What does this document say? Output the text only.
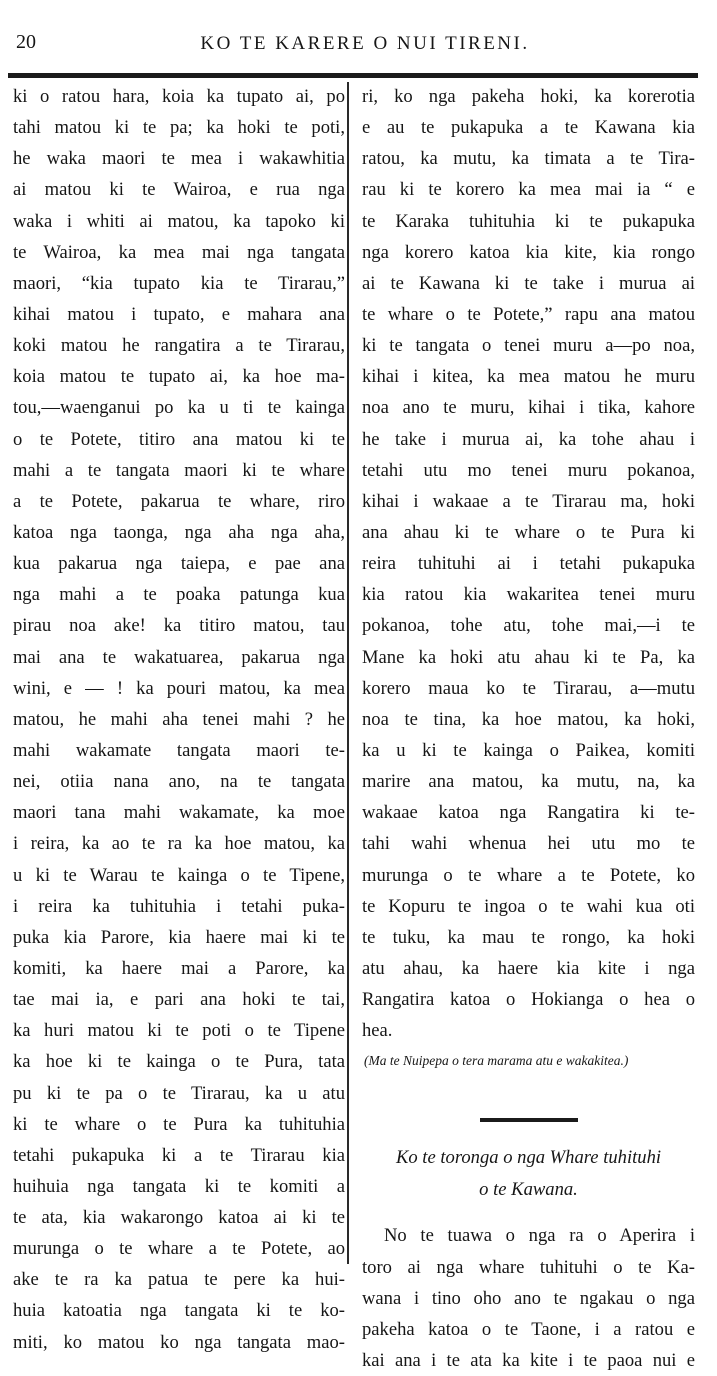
20	KO TE KARERE O NUI TIRENI.
ki o ratou hara, koia ka tupato ai, po
tahi matou ki te pa; ka hoki te poti,
he waka maori te mea i wakawhitia
ai matou ki te Wairoa, e rua nga
waka i whiti ai matou, ka tapoko ki
te Wairoa, ka mea mai nga tangata
maori, “kia tupato kia te Tirarau,”
kihai matou i tupato, e mahara ana
koki matou he rangatira a te Tirarau,
koia matou te tupato ai, ka hoe ma-
tou,—waenganui po ka u ti te kainga
o te Potete, titiro ana matou ki te
mahi a te tangata maori ki te whare
a te Potete, pakarua te whare, riro
katoa nga taonga, nga aha nga aha,
kua pakarua nga taiepa, e pae ana
nga mahi a te poaka patunga kua
pirau noa ake! ka titiro matou, tau
mai ana te wakatuarea, pakarua nga
wini, e — ! ka pouri matou, ka mea
matou, he mahi aha tenei mahi ? he
mahi wakamate tangata maori te-
nei, otiia nana ano, na te tangata
maori tana mahi wakamate, ka moe
i reira, ka ao te ra ka hoe matou, ka
u ki te Warau te kainga o te Tipene,
i reira ka tuhituhia i tetahi puka-
puka kia Parore, kia haere mai ki te
komiti, ka haere mai a Parore, ka
tae mai ia, e pari ana hoki te tai,
ka huri matou ki te poti o te Tipene
ka hoe ki te kainga o te Pura, tata
pu ki te pa o te Tirarau, ka u atu
ki te whare o te Pura ka tuhituhia
tetahi pukapuka ki a te Tirarau kia
huihuia nga tangata ki te komiti a
te ata, kia wakarongo katoa ai ki te
murunga o te whare a te Potete, ao
ake te ra ka patua te pere ka hui-
huia katoatia nga tangata ki te ko-
miti, ko matou ko nga tangata mao-
ri, ko nga pakeha hoki, ka korerotia
e au te pukapuka a te Kawana kia
ratou, ka mutu, ka timata a te Tira-
rau ki te korero ka mea mai ia “ e
te Karaka tuhituhia ki te pukapuka
nga korero katoa kia kite, kia rongo
ai te Kawana ki te take i murua ai
te whare o te Potete,” rapu ana matou
ki te tangata o tenei muru a—po noa,
kihai i kitea, ka mea matou he muru
noa ano te muru, kihai i tika, kahore
he take i murua ai, ka tohe ahau i
tetahi utu mo tenei muru pokanoa,
kihai i wakaae a te Tirarau ma, hoki
ana ahau ki te whare o te Pura ki
reira tuhituhi ai i tetahi pukapuka
kia ratou kia wakaritea tenei muru
pokanoa, tohe atu, tohe mai,—i te
Mane ka hoki atu ahau ki te Pa, ka
korero maua ko te Tirarau, a—mutu
noa te tina, ka hoe matou, ka hoki,
ka u ki te kainga o Paikea, komiti
marire ana matou, ka mutu, na, ka
wakaae katoa nga Rangatira ki te-
tahi wahi whenua hei utu mo te
murunga o te whare a te Potete, ko
te Kopuru te ingoa o te wahi kua oti
te tuku, ka mau te rongo, ka hoki
atu ahau, ka haere kia kite i nga
Rangatira katoa o Hokianga o hea o
hea.
(Ma te Nuipepa o tera marama atu e wakakitea.)
Ko te toronga o nga Whare tuhituhi
o te Kawana.
No te tuawa o nga ra o Aperira i
toro ai nga whare tuhituhi o te Ka-
wana i tino oho ano te ngakau o nga
pakeha katoa o te Taone, i a ratou e
kai ana i te ata ka kite i te paoa nui e
